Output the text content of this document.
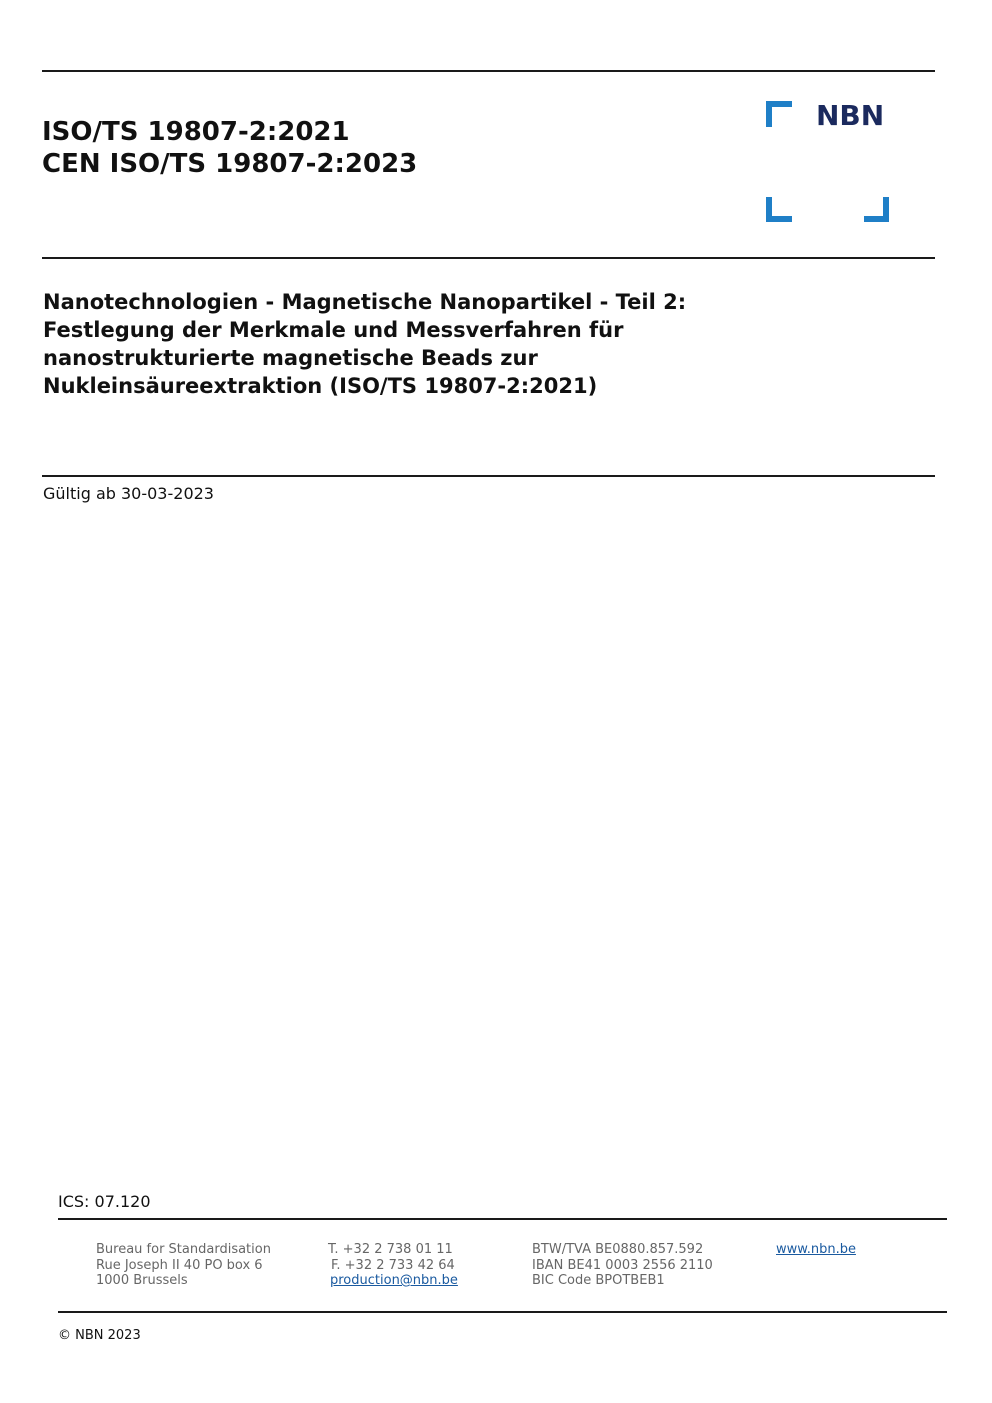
ISO/TS 19807-2:2021
CEN ISO/TS 19807-2:2023
NBN
Nanotechnologien - Magnetische Nanopartikel - Teil 2:
Festlegung der Merkmale und Messverfahren für
nanostrukturierte magnetische Beads zur
Nukleinsäureextraktion (ISO/TS 19807-2:2021)
Gültig ab 30-03-2023
ICS: 07.120
Bureau for Standardisation
Rue Joseph II 40 PO box 6
1000 Brussels
T. +32 2 738 01 11
F. +32 2 733 42 64
production@nbn.be
BTW/TVA BE0880.857.592
IBAN BE41 0003 2556 2110
BIC Code BPOTBEB1
www.nbn.be
© NBN 2023
